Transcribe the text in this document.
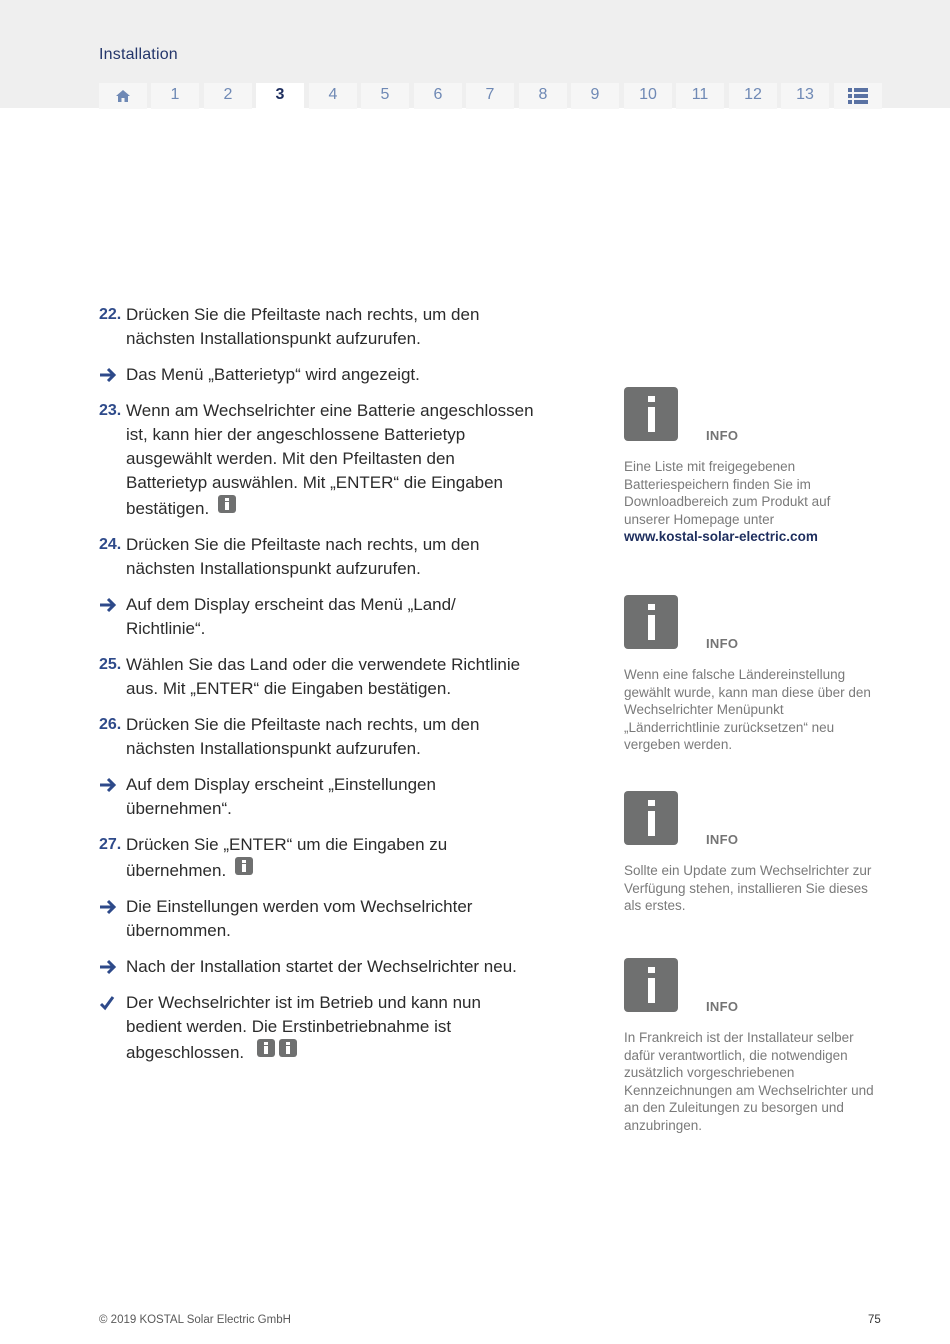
Installation
1	2	3	4	5	6	7	8	9	10	11	12	13
22. Drücken Sie die Pfeiltaste nach rechts, um den nächsten Installationspunkt aufzurufen.
Das Menü „Batterietyp“ wird angezeigt.
23. Wenn am Wechselrichter eine Batterie angeschlossen ist, kann hier der angeschlossene Batterietyp ausgewählt werden. Mit den Pfeiltasten den Batterietyp auswählen. Mit „ENTER“ die Eingaben bestätigen.
24. Drücken Sie die Pfeiltaste nach rechts, um den nächsten Installationspunkt aufzurufen.
Auf dem Display erscheint das Menü „Land/ Richtlinie“.
25. Wählen Sie das Land oder die verwendete Richtlinie aus. Mit „ENTER“ die Eingaben bestätigen.
26. Drücken Sie die Pfeiltaste nach rechts, um den nächsten Installationspunkt aufzurufen.
Auf dem Display erscheint „Einstellungen übernehmen“.
27. Drücken Sie „ENTER“ um die Eingaben zu übernehmen.
Die Einstellungen werden vom Wechselrichter übernommen.
Nach der Installation startet der Wechselrichter neu.
Der Wechselrichter ist im Betrieb und kann nun bedient werden. Die Erstinbetriebnahme ist abgeschlossen.
INFO
Eine Liste mit freigegebenen Batteriespeichern finden Sie im Downloadbereich zum Produkt auf unserer Homepage unter
www.kostal-solar-electric.com
INFO
Wenn eine falsche Ländereinstellung gewählt wurde, kann man diese über den Wechselrichter Menüpunkt „Länderrichtlinie zurücksetzen“ neu vergeben werden.
INFO
Sollte ein Update zum Wechselrichter zur Verfügung stehen, installieren Sie dieses als erstes.
INFO
In Frankreich ist der Installateur selber dafür verantwortlich, die notwendigen zusätzlich vorgeschriebenen Kennzeichnungen am Wechselrichter und an den Zuleitungen zu besorgen und anzubringen.
© 2019 KOSTAL Solar Electric GmbH	75
